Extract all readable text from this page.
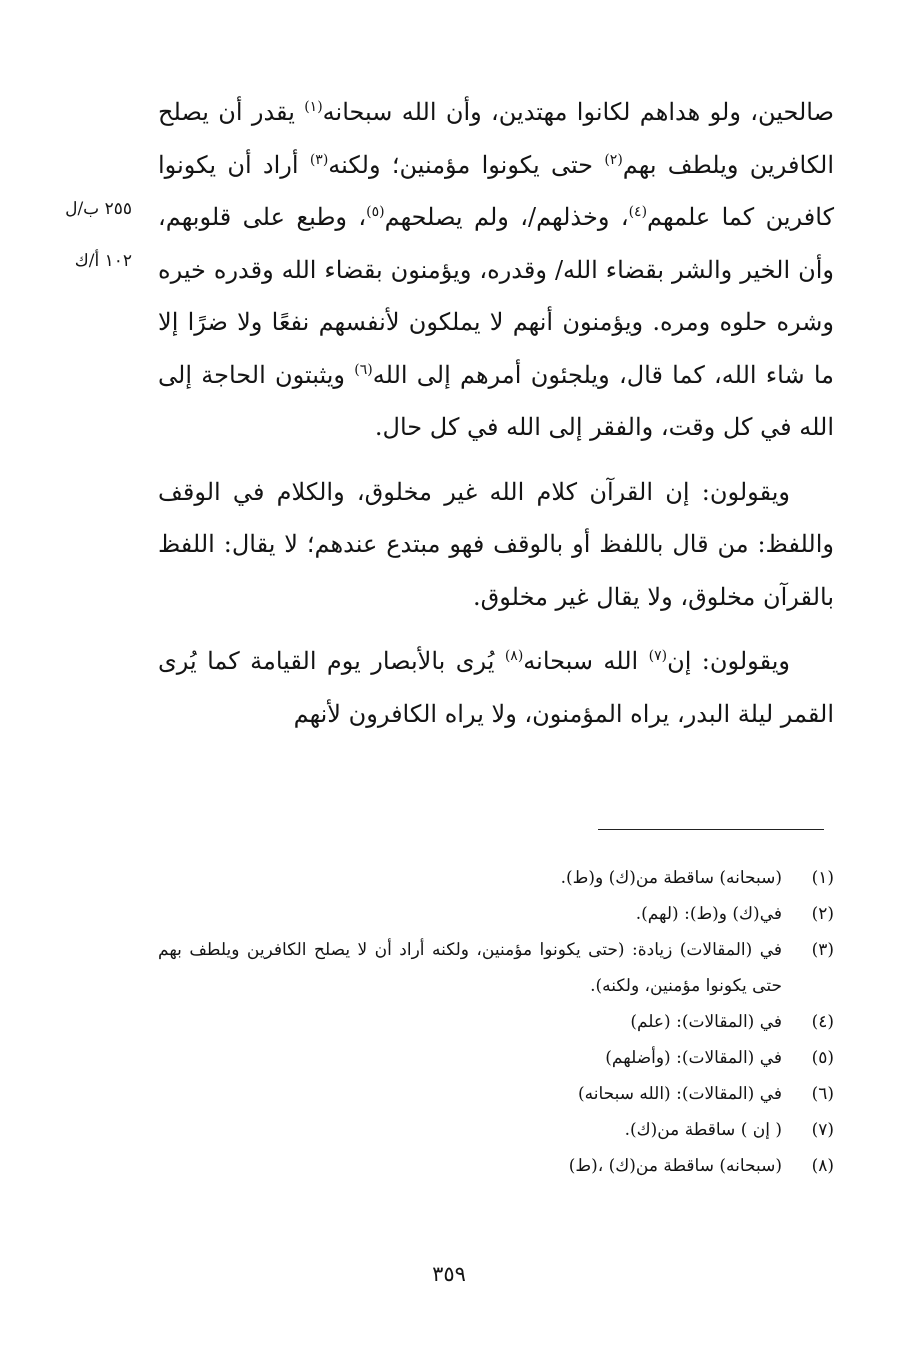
صالحين، ولو هداهم لكانوا مهتدين، وأن الله سبحانه$^{(١)}$ يقدر أن يصلح الكافرين ويلطف بهم$^{(٢)}$ حتى يكونوا مؤمنين؛ ولكنه$^{(٣)}$ أراد أن يكونوا كافرين كما علمهم$^{(٤)}$، وخذلهم/، ولم يصلحهم$^{(٥)}$، وطبع على قلوبهم، وأن الخير والشر بقضاء الله/ وقدره، ويؤمنون بقضاء الله وقدره خيره وشره حلوه ومره. ويؤمنون أنهم لا يملكون لأنفسهم نفعًا ولا ضرًا إلا ما شاء الله، كما قال، ويلجئون أمرهم إلى الله$^{(٦)}$ ويثبتون الحاجة إلى الله في كل وقت، والفقر إلى الله في كل حال.

ويقولون: إن القرآن كلام الله غير مخلوق، والكلام في الوقف واللفظ: من قال باللفظ أو بالوقف فهو مبتدع عندهم؛ لا يقال: اللفظ بالقرآن مخلوق، ولا يقال غير مخلوق.

ويقولون: إن$^{(٧)}$ الله سبحانه$^{(٨)}$ يُرى بالأبصار يوم القيامة كما يُرى القمر ليلة البدر، يراه المؤمنون، ولا يراه الكافرون لأنهم

٢٥٥ ب/ل
١٠٢ أ/ك
(١)
(سبحانه) ساقطة من(ك) و(ط).
(٢)
في(ك) و(ط): (لهم).
(٣)
في (المقالات) زيادة: (حتى يكونوا مؤمنين، ولكنه أراد أن لا يصلح الكافرين ويلطف بهم حتى يكونوا مؤمنين، ولكنه).
(٤)
في (المقالات): (علم)
(٥)
في (المقالات): (وأضلهم)
(٦)
في (المقالات): (الله سبحانه)
(٧)
( إن ) ساقطة من(ك).
(٨)
(سبحانه) ساقطة من(ك) ،(ط)
٣٥٩
